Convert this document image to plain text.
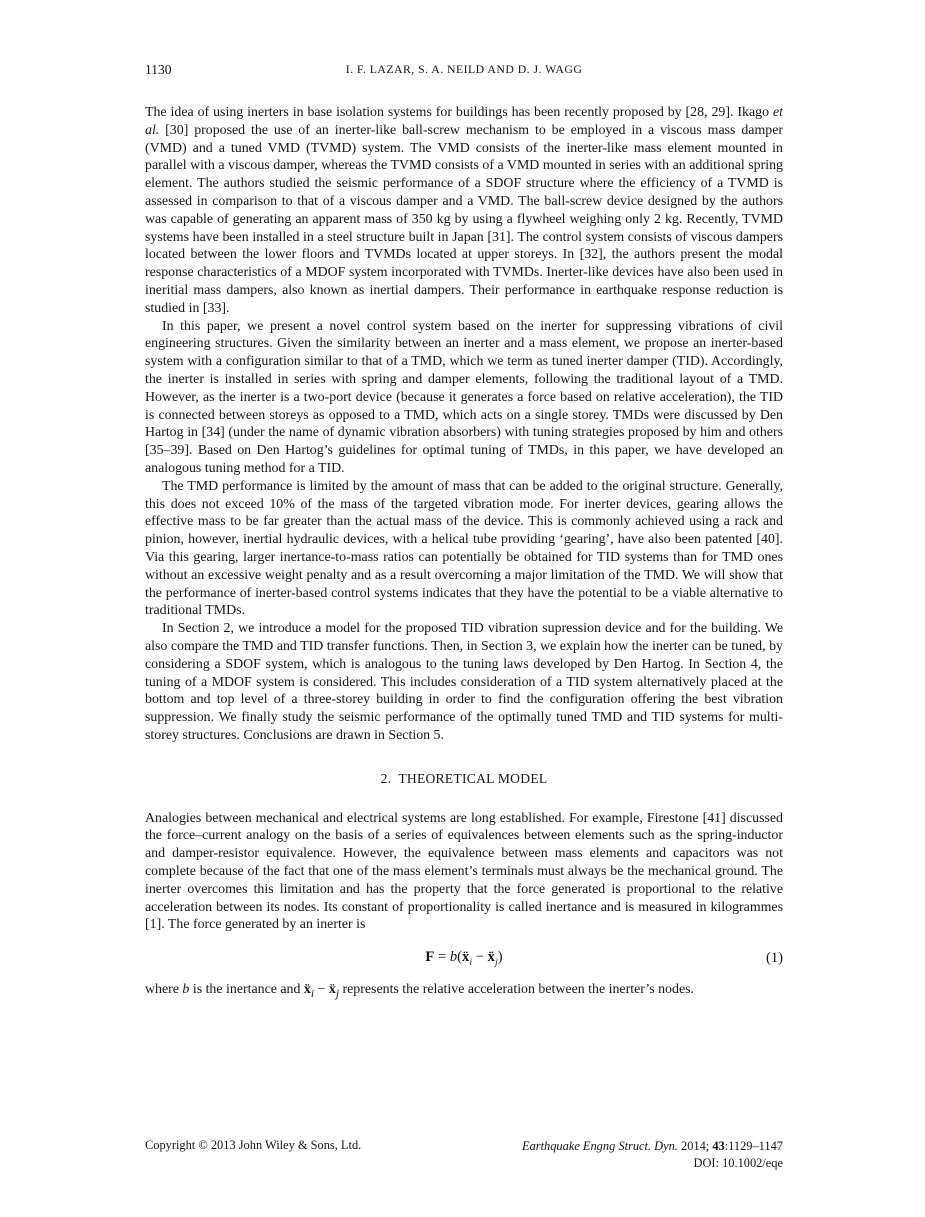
1130	I. F. LAZAR, S. A. NEILD AND D. J. WAGG

The idea of using inerters in base isolation systems for buildings has been recently proposed by [28, 29]. Ikago et al. [30] proposed the use of an inerter-like ball-screw mechanism to be employed in a viscous mass damper (VMD) and a tuned VMD (TVMD) system. The VMD consists of the inerter-like mass element mounted in parallel with a viscous damper, whereas the TVMD consists of a VMD mounted in series with an additional spring element. The authors studied the seismic performance of a SDOF structure where the efficiency of a TVMD is assessed in comparison to that of a viscous damper and a VMD. The ball-screw device designed by the authors was capable of generating an apparent mass of 350 kg by using a flywheel weighing only 2 kg. Recently, TVMD systems have been installed in a steel structure built in Japan [31]. The control system consists of viscous dampers located between the lower floors and TVMDs located at upper storeys. In [32], the authors present the modal response characteristics of a MDOF system incorporated with TVMDs. Inerter-like devices have also been used in ineritial mass dampers, also known as inertial dampers. Their performance in earthquake response reduction is studied in [33].

In this paper, we present a novel control system based on the inerter for suppressing vibrations of civil engineering structures. Given the similarity between an inerter and a mass element, we propose an inerter-based system with a configuration similar to that of a TMD, which we term as tuned inerter damper (TID). Accordingly, the inerter is installed in series with spring and damper elements, following the traditional layout of a TMD. However, as the inerter is a two-port device (because it generates a force based on relative acceleration), the TID is connected between storeys as opposed to a TMD, which acts on a single storey. TMDs were discussed by Den Hartog in [34] (under the name of dynamic vibration absorbers) with tuning strategies proposed by him and others [35–39]. Based on Den Hartog’s guidelines for optimal tuning of TMDs, in this paper, we have developed an analogous tuning method for a TID.

The TMD performance is limited by the amount of mass that can be added to the original structure. Generally, this does not exceed 10% of the mass of the targeted vibration mode. For inerter devices, gearing allows the effective mass to be far greater than the actual mass of the device. This is commonly achieved using a rack and pinion, however, inertial hydraulic devices, with a helical tube providing ‘gearing’, have also been patented [40]. Via this gearing, larger inertance-to-mass ratios can potentially be obtained for TID systems than for TMD ones without an excessive weight penalty and as a result overcoming a major limitation of the TMD. We will show that the performance of inerter-based control systems indicates that they have the potential to be a viable alternative to traditional TMDs.

In Section 2, we introduce a model for the proposed TID vibration supression device and for the building. We also compare the TMD and TID transfer functions. Then, in Section 3, we explain how the inerter can be tuned, by considering a SDOF system, which is analogous to the tuning laws developed by Den Hartog. In Section 4, the tuning of a MDOF system is considered. This includes consideration of a TID system alternatively placed at the bottom and top level of a three-storey building in order to find the configuration offering the best vibration suppression. We finally study the seismic performance of the optimally tuned TMD and TID systems for multi-storey structures. Conclusions are drawn in Section 5.

2. THEORETICAL MODEL

Analogies between mechanical and electrical systems are long established. For example, Firestone [41] discussed the force–current analogy on the basis of a series of equivalences between elements such as the spring-inductor and damper-resistor equivalence. However, the equivalence between mass elements and capacitors was not complete because of the fact that one of the mass element’s terminals must always be the mechanical ground. The inerter overcomes this limitation and has the property that the force generated is proportional to the relative acceleration between its nodes. Its constant of proportionality is called inertance and is measured in kilogrammes [1]. The force generated by an inerter is

F = b(ẍ$_i$ − ẍ$_j$)	(1)

where b is the inertance and ẍ$_i$ − ẍ$_j$ represents the relative acceleration between the inerter’s nodes.

Copyright © 2013 John Wiley & Sons, Ltd.	Earthquake Engng Struct. Dyn. 2014; 43:1129–1147
DOI: 10.1002/eqe
